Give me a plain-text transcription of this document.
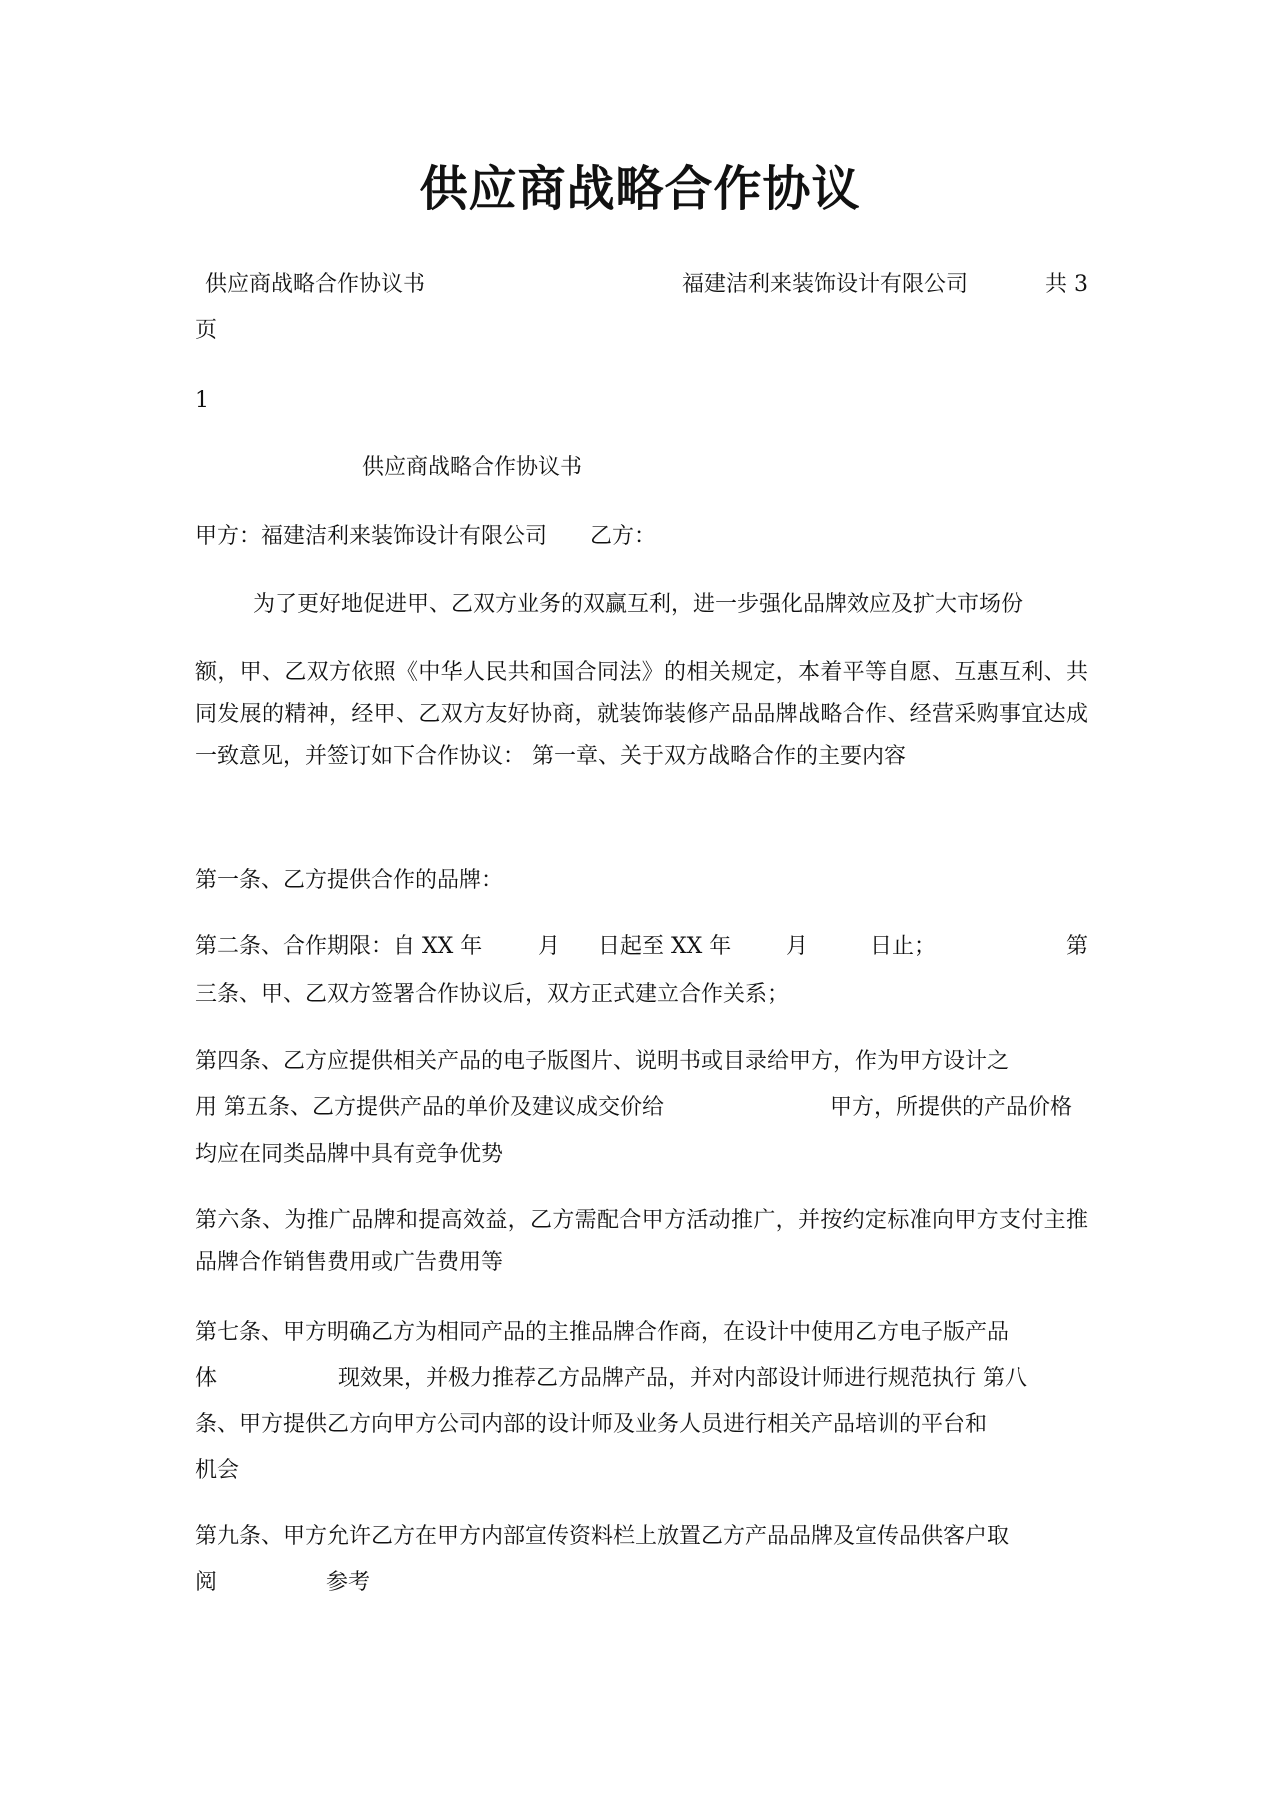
供应商战略合作协议
供应商战略合作协议书	福建洁利来装饰设计有限公司	共 3
页
1
供应商战略合作协议书
甲方：福建洁利来装饰设计有限公司 乙方：
为了更好地促进甲、乙双方业务的双赢互利，进一步强化品牌效应及扩大市场份
额，甲、乙双方依照《中华人民共和国合同法》的相关规定，本着平等自愿、互惠互利、共同发展的精神，经甲、乙双方友好协商，就装饰装修产品品牌战略合作、经营采购事宜达成一致意见，并签订如下合作协议： 第一章、关于双方战略合作的主要内容
第一条、乙方提供合作的品牌：
第二条、合作期限：自 XX 年	月 日起至 XX 年 月	日止；	第
三条、甲、乙双方签署合作协议后，双方正式建立合作关系；
第四条、乙方应提供相关产品的电子版图片、说明书或目录给甲方，作为甲方设计之
用 第五条、乙方提供产品的单价及建议成交价给	甲方，所提供的产品价格
均应在同类品牌中具有竞争优势
第六条、为推广品牌和提高效益，乙方需配合甲方活动推广，并按约定标准向甲方支付主推品牌合作销售费用或广告费用等
第七条、甲方明确乙方为相同产品的主推品牌合作商，在设计中使用乙方电子版产品
体	现效果，并极力推荐乙方品牌产品，并对内部设计师进行规范执行 第八
条、甲方提供乙方向甲方公司内部的设计师及业务人员进行相关产品培训的平台和
机会
第九条、甲方允许乙方在甲方内部宣传资料栏上放置乙方产品品牌及宣传品供客户取
阅	参考
